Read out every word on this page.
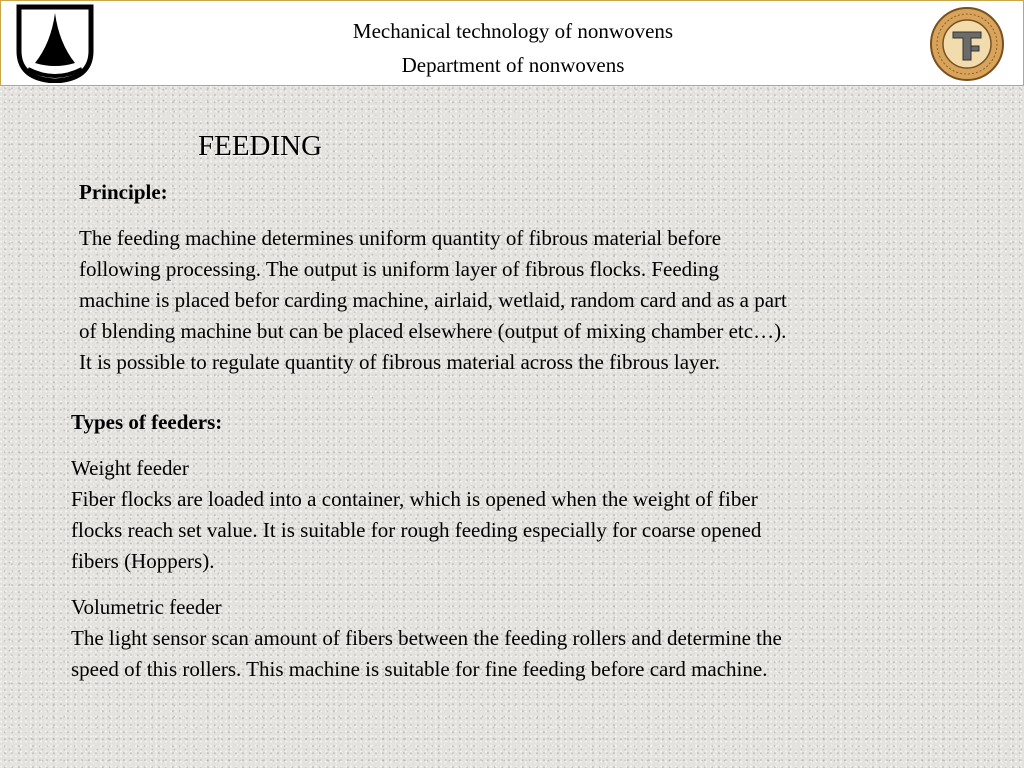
Mechanical technology of nonwovens
Department of nonwovens
FEEDING

Principle:

The feeding machine determines uniform quantity of fibrous material before

following processing. The output is uniform layer of fibrous flocks. Feeding

machine is placed befor carding machine, airlaid, wetlaid, random card and as a part

of blending machine but can be placed elsewhere (output of mixing chamber etc…).

It is possible to regulate quantity of fibrous material across the fibrous layer.

Types of feeders:

Weight feeder

Fiber flocks are loaded into a container, which is opened when the weight of fiber

flocks reach set value. It is suitable for rough feeding especially for coarse opened

fibers (Hoppers).

Volumetric feeder

The light sensor scan amount of fibers between the feeding rollers and determine the

speed of this rollers. This machine is suitable for fine feeding before card machine.
